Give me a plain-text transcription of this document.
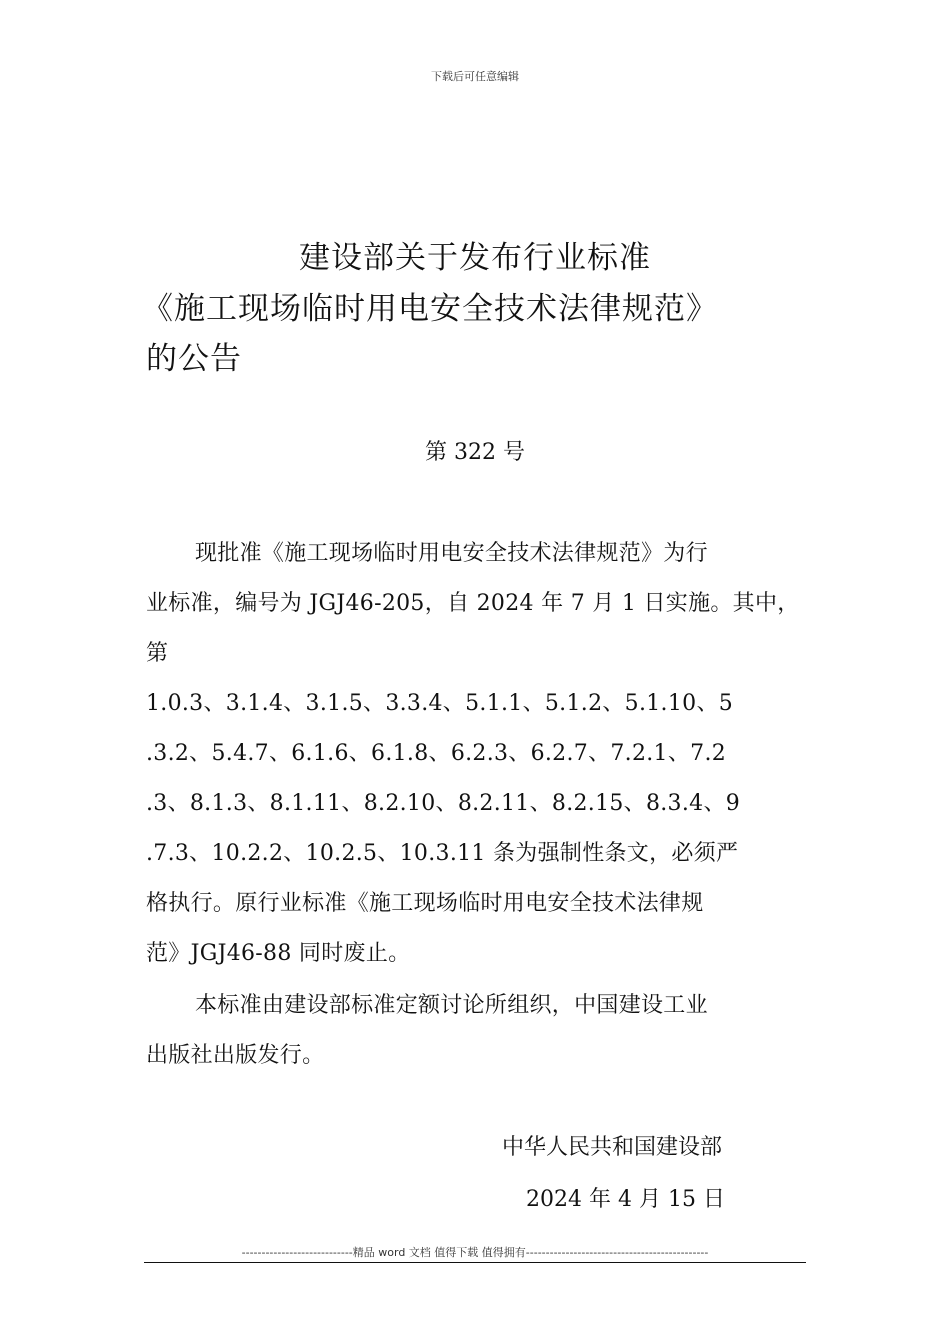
下载后可任意编辑
建设部关于发布行业标准
《施工现场临时用电安全技术法律规范》
的公告
第 322 号
现批准《施工现场临时用电安全技术法律规范》为行
业标准，编号为 JGJ46-205，自 2024 年 7 月 1 日实施。其中，
第
1.0.3、3.1.4、3.1.5、3.3.4、5.1.1、5.1.2、5.1.10、5
.3.2、5.4.7、6.1.6、6.1.8、6.2.3、6.2.7、7.2.1、7.2
.3、8.1.3、8.1.11、8.2.10、8.2.11、8.2.15、8.3.4、9
.7.3、10.2.2、10.2.5、10.3.11 条为强制性条文，必须严
格执行。原行业标准《施工现场临时用电安全技术法律规
范》JGJ46-88 同时废止。
本标准由建设部标准定额讨论所组织，中国建设工业
出版社出版发行。
中华人民共和国建设部
2024 年 4 月 15 日
----------------------------精品 word 文档 值得下载 值得拥有----------------------------------------------
